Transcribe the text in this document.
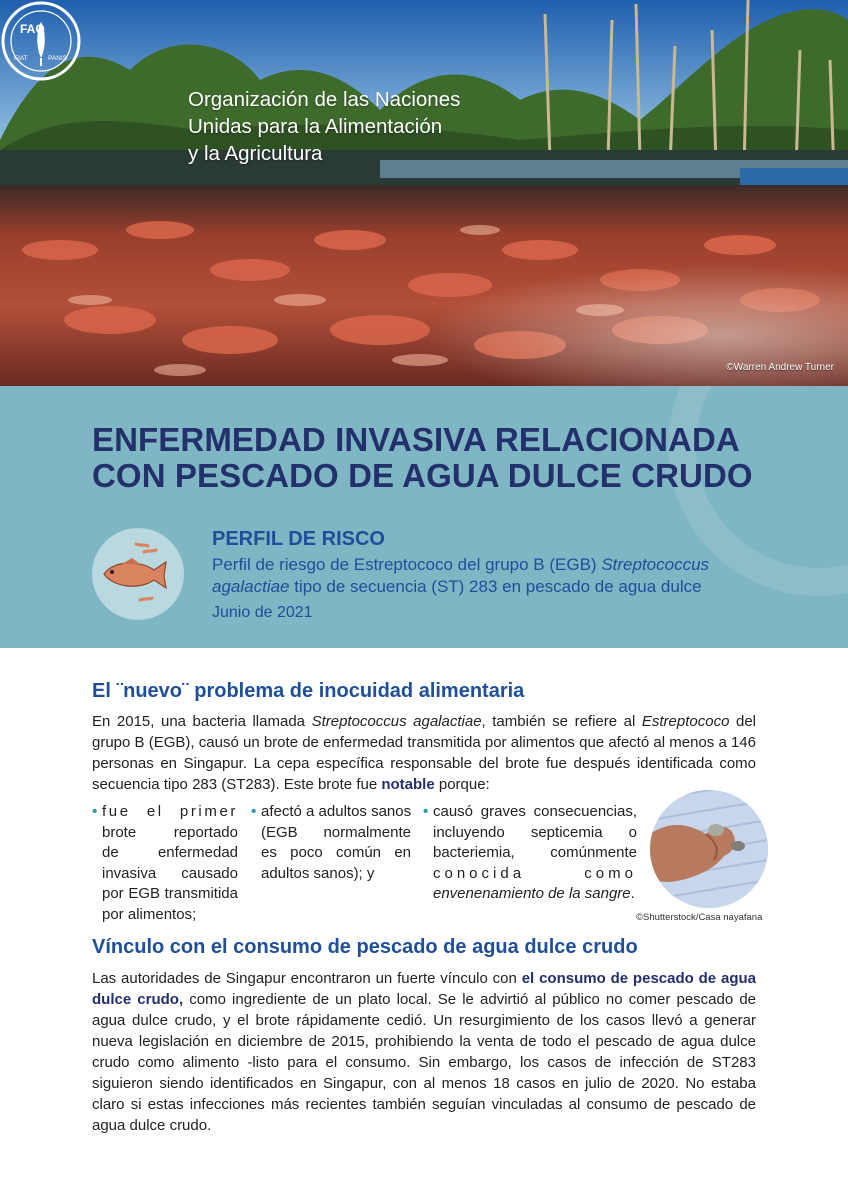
FAO
FIAT	PANIS
Organización de las Naciones
Unidas para la Alimentación
y la Agricultura
©Warren Andrew Turner
ENFERMEDAD INVASIVA RELACIONADA
CON PESCADO DE AGUA DULCE CRUDO
PERFIL DE RISCO
Perfil de riesgo de Estreptococo del grupo B (EGB) Streptococcus
agalactiae tipo de secuencia (ST) 283 en pescado de agua dulce
Junio de 2021
El ¨nuevo¨ problema de inocuidad alimentaria
En 2015, una bacteria llamada Streptococcus agalactiae, también se refiere al Estreptococo del
grupo B (EGB), causó un brote de enfermedad transmitida por alimentos que afectó al menos a 146
personas en Singapur. La cepa específica responsable del brote fue después identificada como
secuencia tipo 283 (ST283). Este brote fue notable porque:
• fue el primer
brote reportado
de enfermedad
invasiva causado
por EGB transmitida
por alimentos;
• afectó a adultos sanos
(EGB normalmente
es poco común en
adultos sanos); y
• causó graves consecuencias,
incluyendo septicemia o
bacteriemia, comúnmente
conocida como
envenenamiento de la sangre.
©Shutterstock/Casa nayafana
Vínculo con el consumo de pescado de agua dulce crudo
Las autoridades de Singapur encontraron un fuerte vínculo con el consumo de pescado de agua
dulce crudo, como ingrediente de un plato local. Se le advirtió al público no comer pescado de
agua dulce crudo, y el brote rápidamente cedió. Un resurgimiento de los casos llevó a generar
nueva legislación en diciembre de 2015, prohibiendo la venta de todo el pescado de agua dulce
crudo como alimento -listo para el consumo. Sin embargo, los casos de infección de ST283
siguieron siendo identificados en Singapur, con al menos 18 casos en julio de 2020. No estaba
claro si estas infecciones más recientes también seguían vinculadas al consumo de pescado de
agua dulce crudo.
